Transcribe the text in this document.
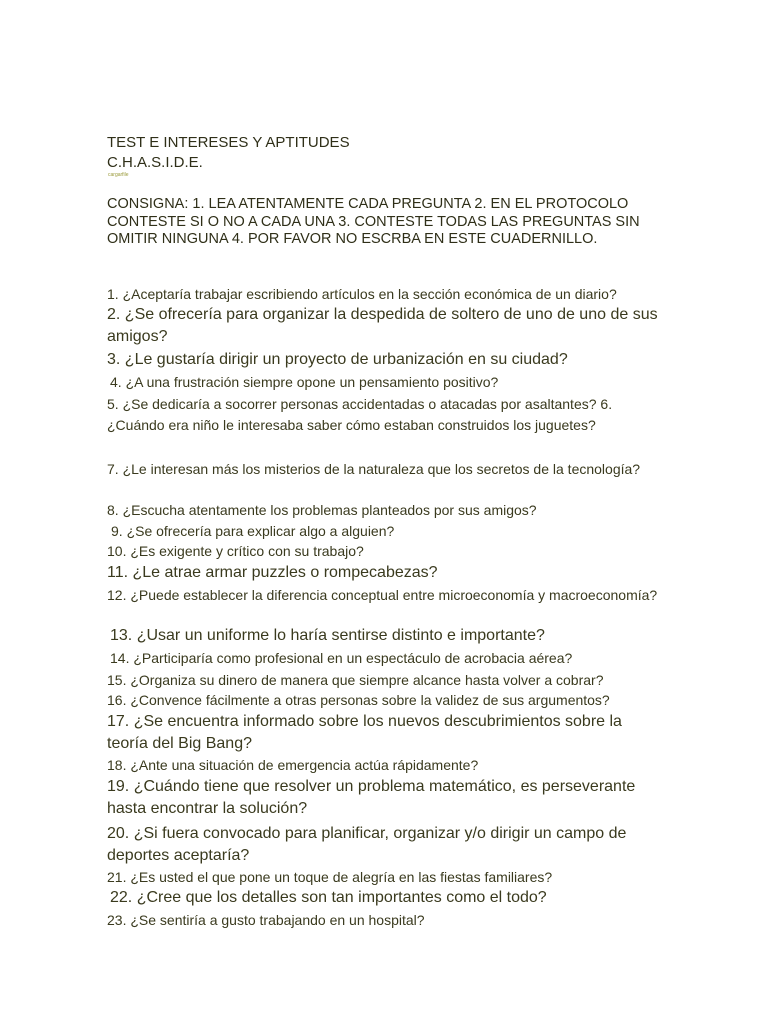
TEST E INTERESES Y APTITUDES
C.H.A.S.I.D.E.
cargarfile
CONSIGNA: 1. LEA ATENTAMENTE CADA PREGUNTA 2. EN EL PROTOCOLO CONTESTE SI O NO A CADA UNA 3. CONTESTE TODAS LAS PREGUNTAS SIN OMITIR NINGUNA 4. POR FAVOR NO ESCRBA EN ESTE CUADERNILLO.
1. ¿Aceptaría trabajar escribiendo artículos en la sección económica de un diario?
2. ¿Se ofrecería para organizar la despedida de soltero de uno de uno de sus amigos?
3. ¿Le gustaría dirigir un proyecto de urbanización en su ciudad?
4. ¿A una frustración siempre opone un pensamiento positivo?
5. ¿Se dedicaría a socorrer personas accidentadas o atacadas por asaltantes? 6. ¿Cuándo era niño le interesaba saber cómo estaban construidos los juguetes?
7. ¿Le interesan más los misterios de la naturaleza que los secretos de la tecnología?
8. ¿Escucha atentamente los problemas planteados por sus amigos?
9. ¿Se ofrecería para explicar algo a alguien?
10. ¿Es exigente y crítico con su trabajo?
11. ¿Le atrae armar puzzles o rompecabezas?
12. ¿Puede establecer la diferencia conceptual entre microeconomía y macroeconomía?
13. ¿Usar un uniforme lo haría sentirse distinto e importante?
14. ¿Participaría como profesional en un espectáculo de acrobacia aérea?
15. ¿Organiza su dinero de manera que siempre alcance hasta volver a cobrar?
16. ¿Convence fácilmente a otras personas sobre la validez de sus argumentos?
17. ¿Se encuentra informado sobre los nuevos descubrimientos sobre la teoría del Big Bang?
18. ¿Ante una situación de emergencia actúa rápidamente?
19. ¿Cuándo tiene que resolver un problema matemático, es perseverante hasta encontrar la solución?
20. ¿Si fuera convocado para planificar, organizar y/o dirigir un campo de deportes aceptaría?
21. ¿Es usted el que pone un toque de alegría en las fiestas familiares?
22. ¿Cree que los detalles son tan importantes como el todo?
23. ¿Se sentiría a gusto trabajando en un hospital?
